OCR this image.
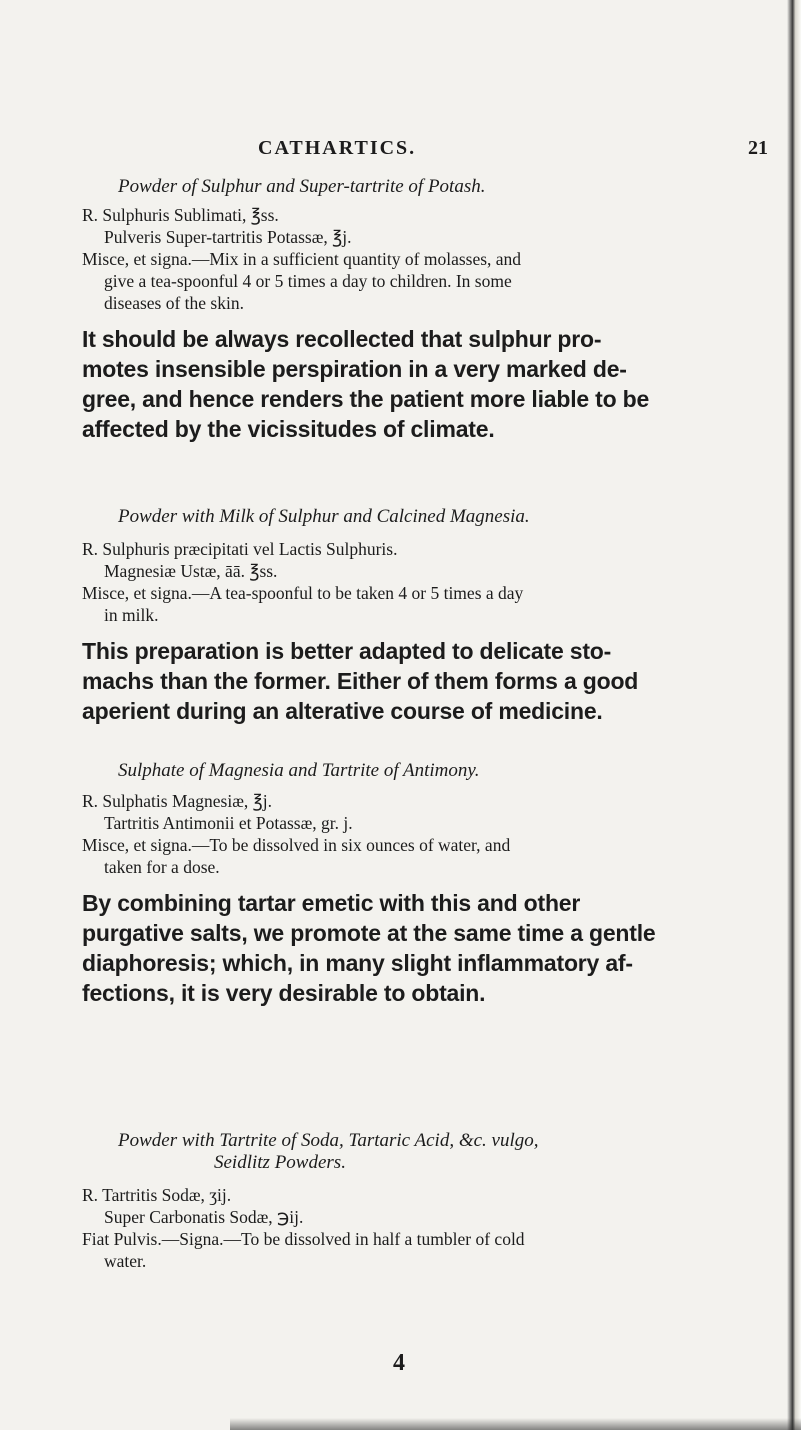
CATHARTICS.	21
Powder of Sulphur and Super-tartrite of Potash.
R. Sulphuris Sublimati, ℥ss.
Pulveris Super-tartritis Potassæ, ℥j.
Misce, et signa.—Mix in a sufficient quantity of molasses, and
give a tea-spoonful 4 or 5 times a day to children. In some
diseases of the skin.
It should be always recollected that sulphur pro-
motes insensible perspiration in a very marked de-
gree, and hence renders the patient more liable to be
affected by the vicissitudes of climate.
Powder with Milk of Sulphur and Calcined Magnesia.
R. Sulphuris præcipitati vel Lactis Sulphuris.
Magnesiæ Ustæ, āā. ℥ss.
Misce, et signa.—A tea-spoonful to be taken 4 or 5 times a day
in milk.
This preparation is better adapted to delicate sto-
machs than the former. Either of them forms a good
aperient during an alterative course of medicine.
Sulphate of Magnesia and Tartrite of Antimony.
R. Sulphatis Magnesiæ, ℥j.
Tartritis Antimonii et Potassæ, gr. j.
Misce, et signa.—To be dissolved in six ounces of water, and
taken for a dose.
By combining tartar emetic with this and other
purgative salts, we promote at the same time a gentle
diaphoresis; which, in many slight inflammatory af-
fections, it is very desirable to obtain.
Powder with Tartrite of Soda, Tartaric Acid, &c. vulgo,
Seidlitz Powders.
R. Tartritis Sodæ, ʒij.
Super Carbonatis Sodæ, ℈ij.
Fiat Pulvis.—Signa.—To be dissolved in half a tumbler of cold
water.
4
